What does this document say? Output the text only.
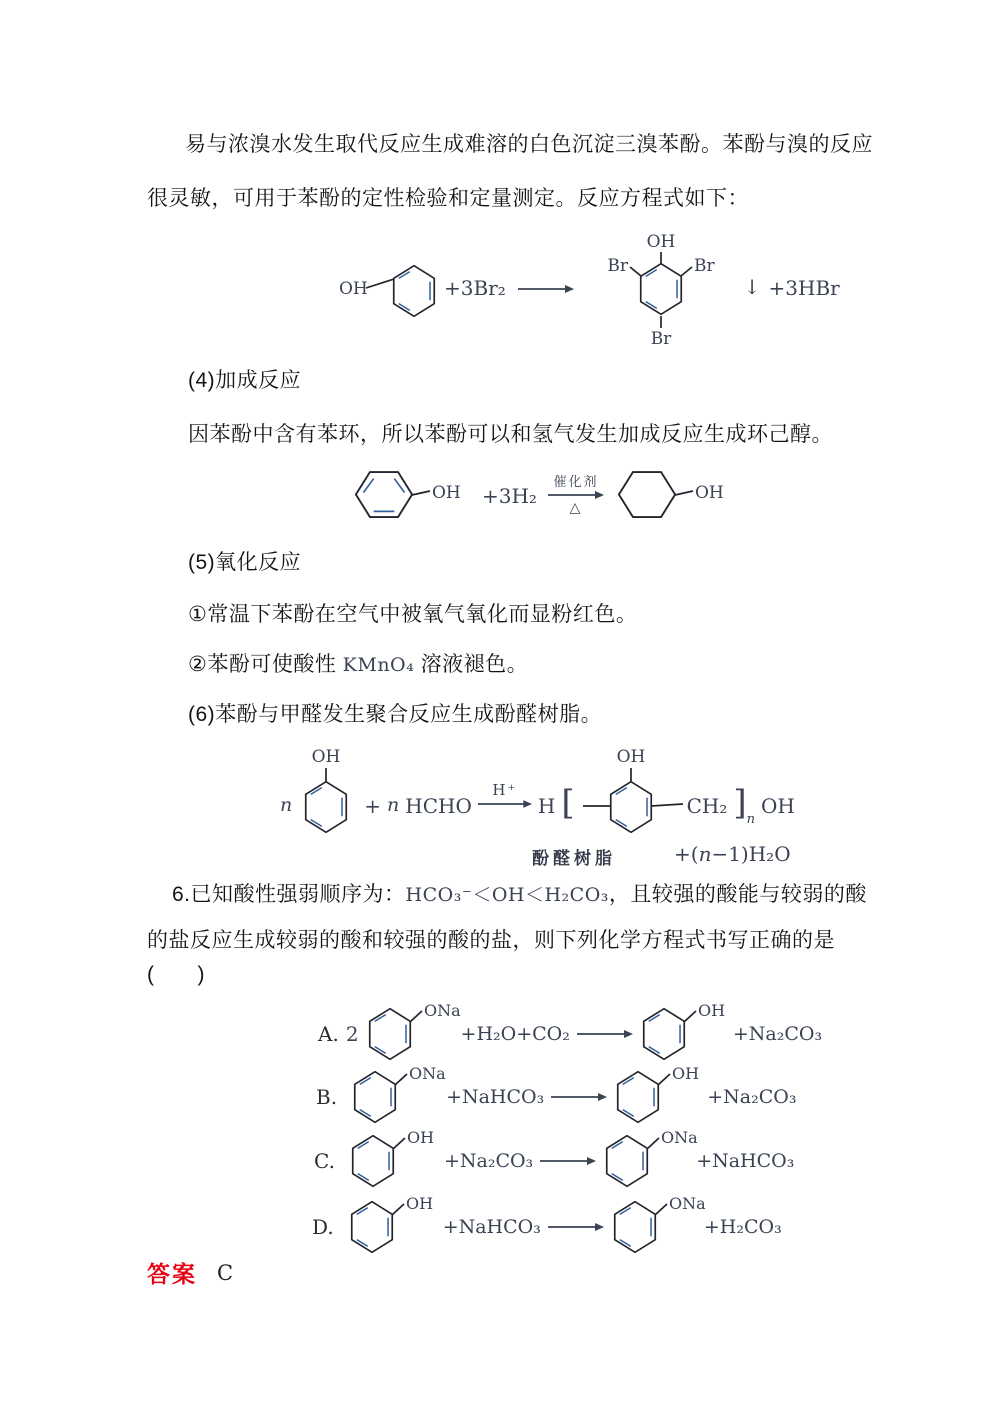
易与浓溴水发生取代反应生成难溶的白色沉淀三溴苯酚。苯酚与溴的反应
很灵敏，可用于苯酚的定性检验和定量测定。反应方程式如下：
OH	+3Br₂
OH
Br	Br
Br
↓ +3HBr
(4)加成反应
因苯酚中含有苯环，所以苯酚可以和氢气发生加成反应生成环己醇。
OH +3H₂
催化剂
△
OH
(5)氧化反应
①常温下苯酚在空气中被氧气氧化而显粉红色。
②苯酚可使酸性 KMnO₄ 溶液褪色。
(6)苯酚与甲醛发生聚合反应生成酚醛树脂。
n
OH
+ n HCHO
H⁺
H [
OH
CH₂ ] n
OH
酚醛树脂	+(n−1)H₂O
6.已知酸性强弱顺序为：HCO₃⁻＜OH＜H₂CO₃，且较强的酸能与较弱的酸
的盐反应生成较弱的酸和较强的酸的盐，则下列化学方程式书写正确的是
(　　)
A. 2
ONa
+H₂O+CO₂
OH
+Na₂CO₃
B.
ONa
+NaHCO₃
OH
+Na₂CO₃
C.
OH
+Na₂CO₃
ONa
+NaHCO₃
D.
OH
+NaHCO₃
ONa
+H₂CO₃
答案 C
